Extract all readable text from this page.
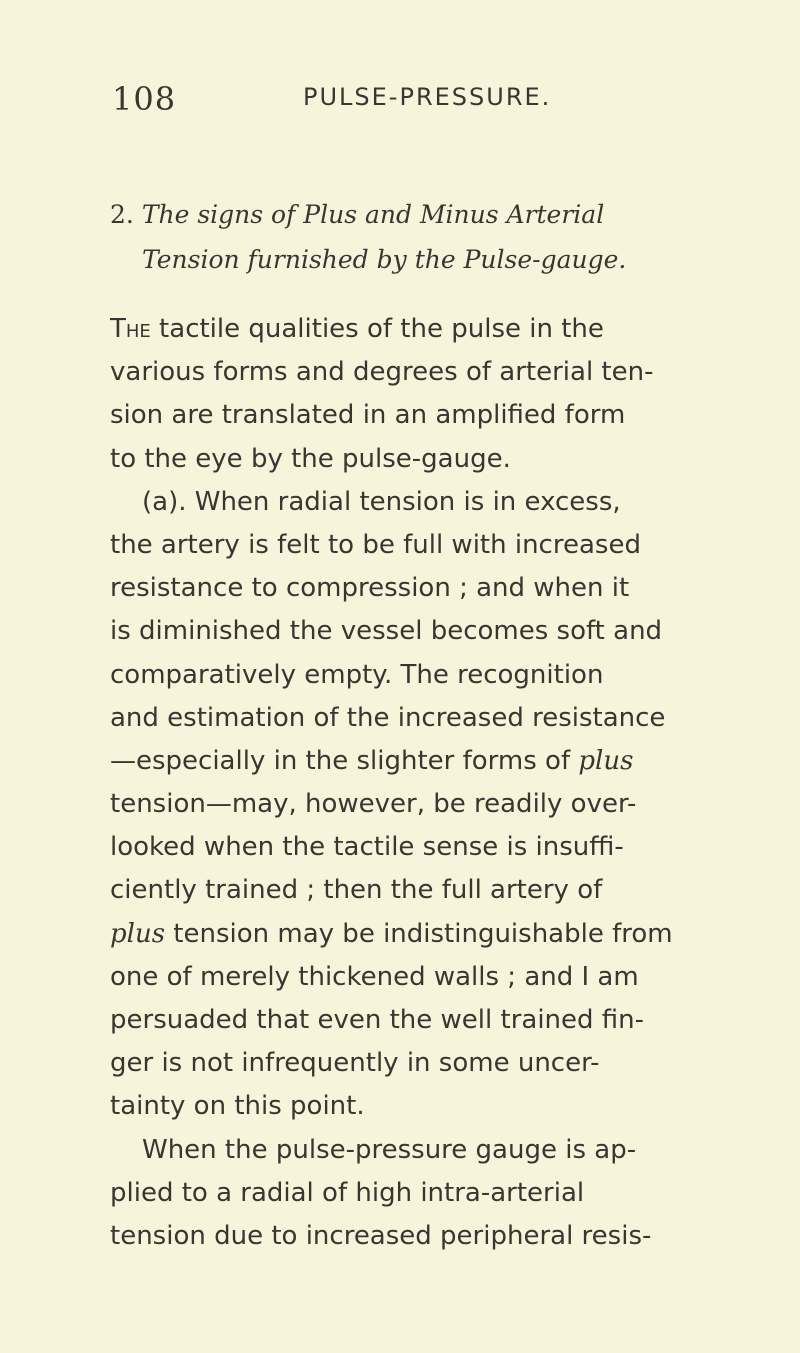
108	PULSE-PRESSURE.
2. The signs of Plus and Minus Arterial
Tension furnished by the Pulse-gauge.
The tactile qualities of the pulse in the
various forms and degrees of arterial ten-
sion are translated in an amplified form
to the eye by the pulse-gauge.
(a). When radial tension is in excess,
the artery is felt to be full with increased
resistance to compression ; and when it
is diminished the vessel becomes soft and
comparatively empty. The recognition
and estimation of the increased resistance
—especially in the slighter forms of plus
tension—may, however, be readily over-
looked when the tactile sense is insuffi-
ciently trained ; then the full artery of
plus tension may be indistinguishable from
one of merely thickened walls ; and I am
persuaded that even the well trained fin-
ger is not infrequently in some uncer-
tainty on this point.
When the pulse-pressure gauge is ap-
plied to a radial of high intra-arterial
tension due to increased peripheral resis-
